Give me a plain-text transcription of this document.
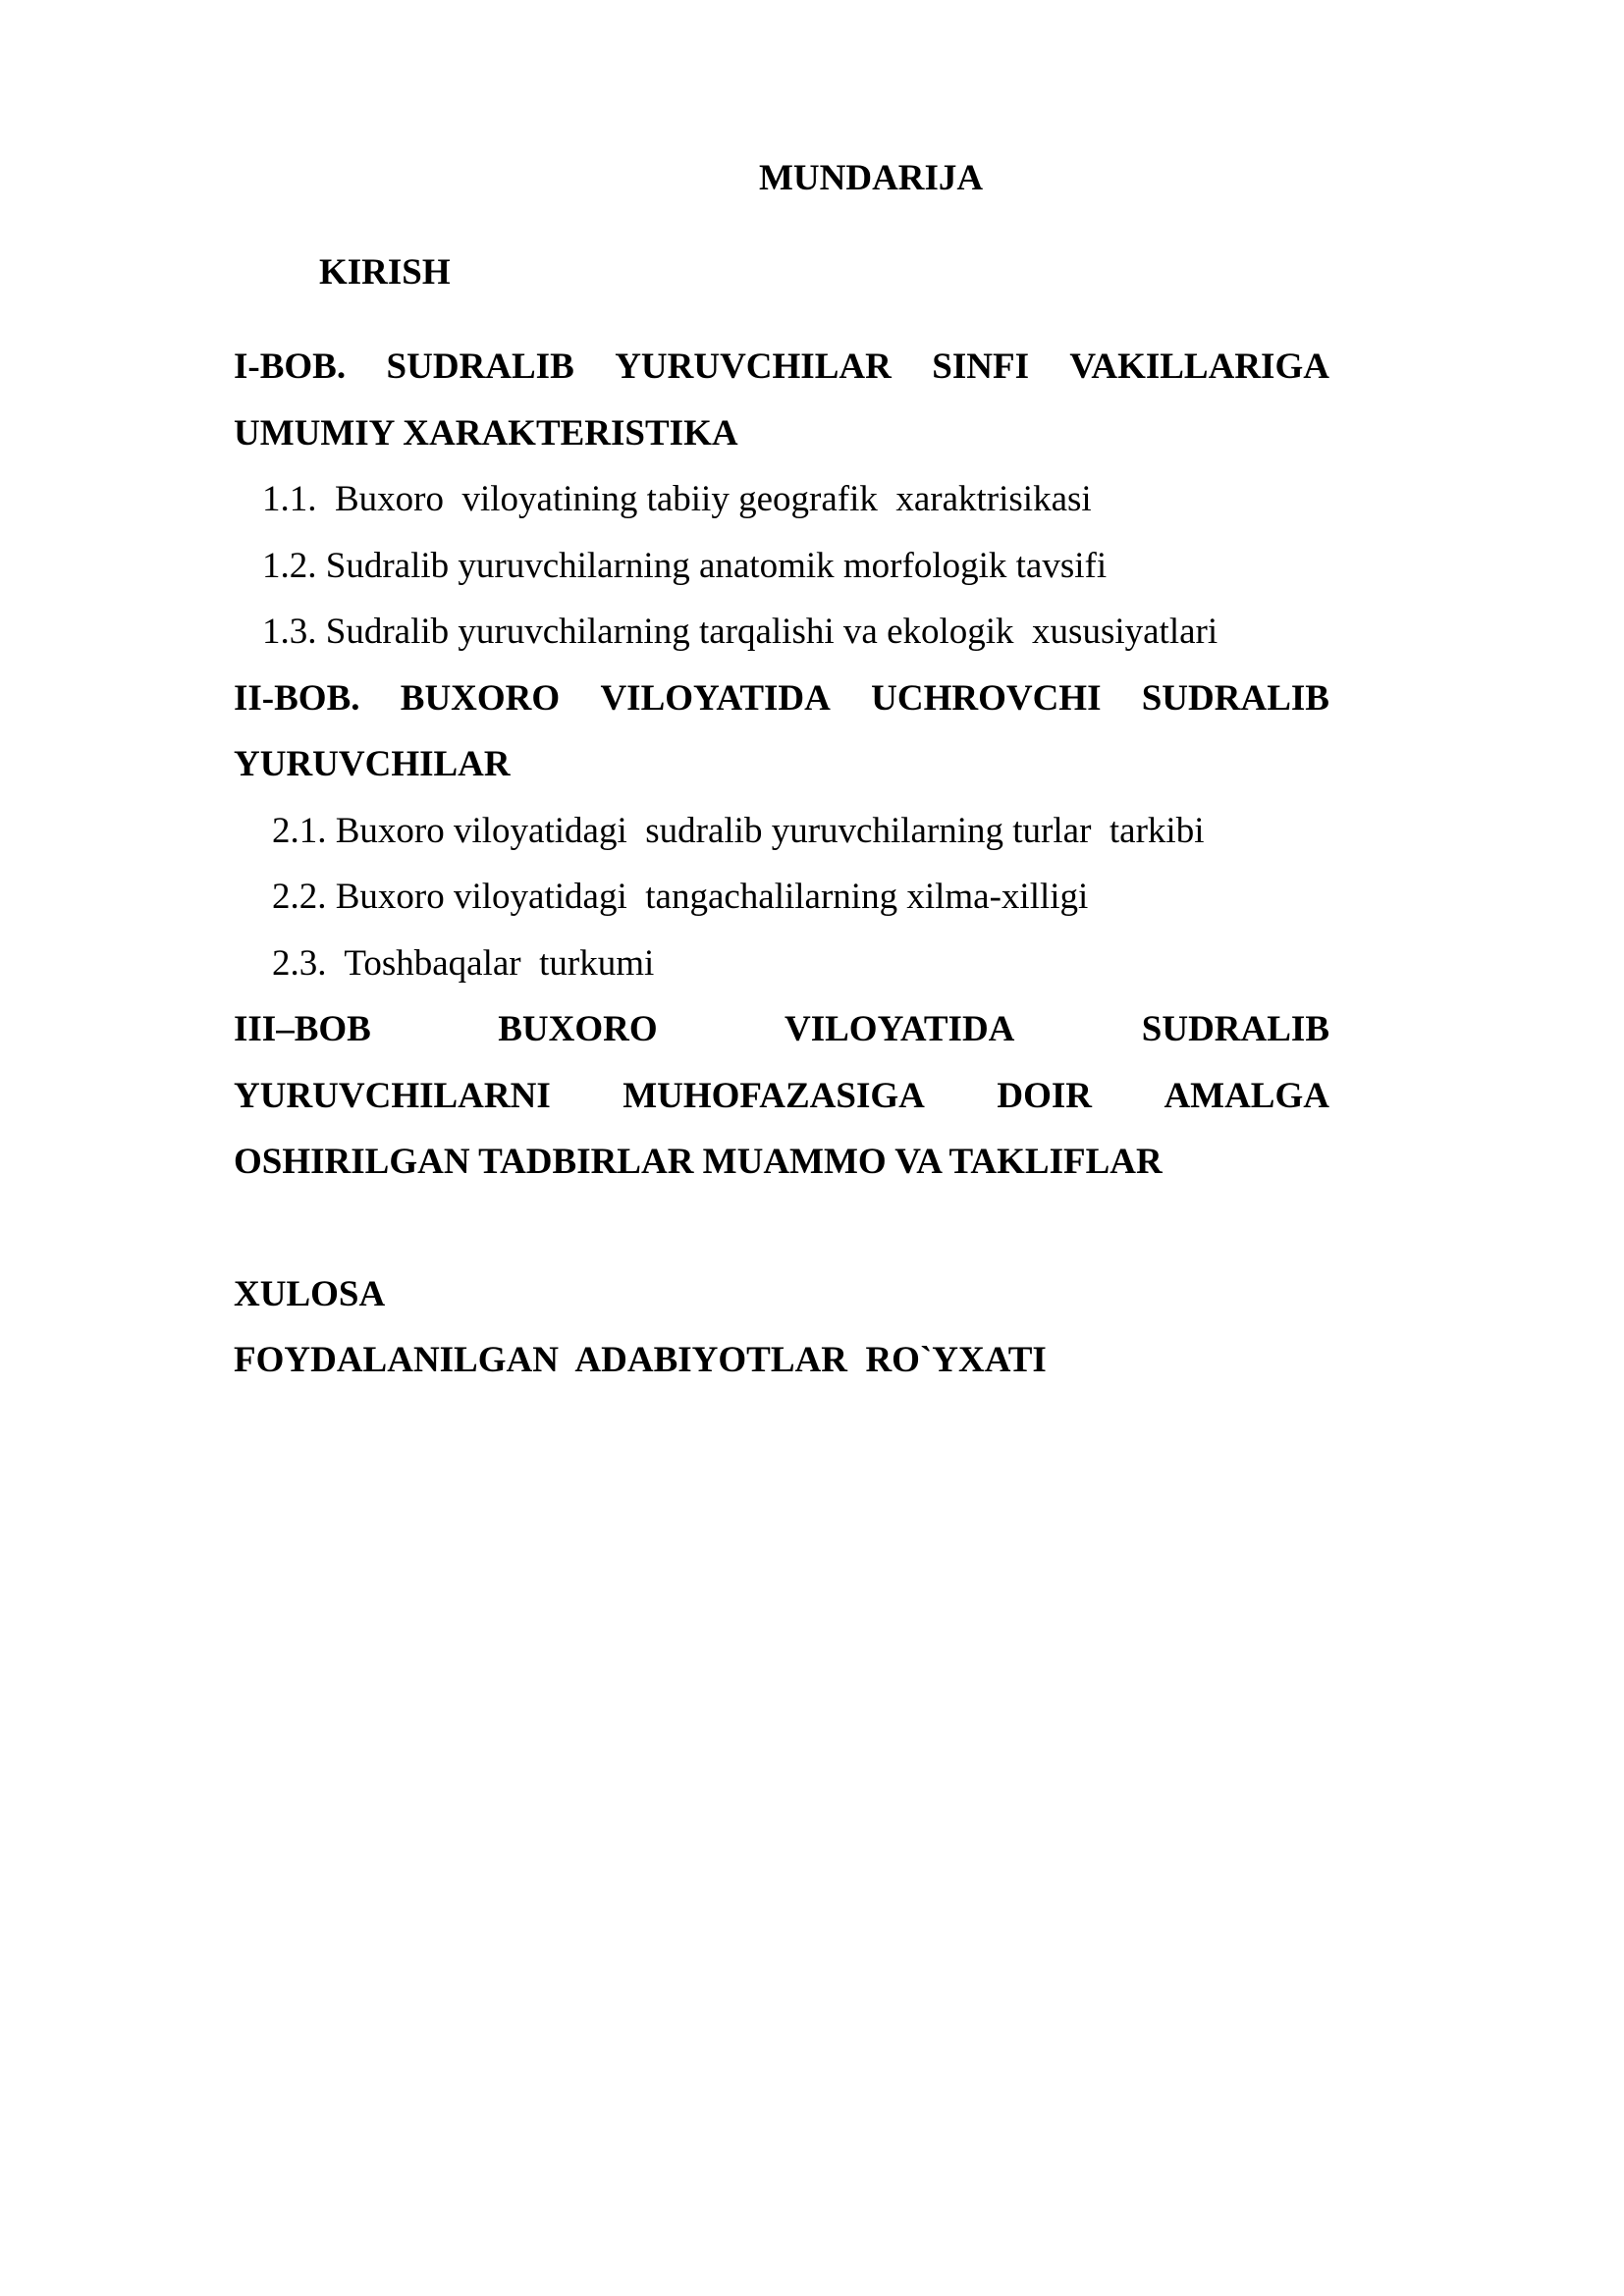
MUNDARIJA
KIRISH
I-BOB. SUDRALIB YURUVCHILAR SINFI VAKILLARIGA
UMUMIY XARAKTERISTIKA
1.1.  Buxoro  viloyatining tabiiy geografik  xaraktrisikasi
1.2. Sudralib yuruvchilarning anatomik morfologik tavsifi
1.3. Sudralib yuruvchilarning tarqalishi va ekologik  xususiyatlari
II-BOB. BUXORO VILOYATIDA UCHROVCHI SUDRALIB
YURUVCHILAR
2.1. Buxoro viloyatidagi  sudralib yuruvchilarning turlar  tarkibi
2.2. Buxoro viloyatidagi  tangachalilarning xilma-xilligi
2.3.  Toshbaqalar  turkumi
III–BOB	BUXORO	VILOYATIDA	SUDRALIB
YURUVCHILARNI MUHOFAZASIGA DOIR AMALGA
OSHIRILGAN TADBIRLAR MUAMMO VA TAKLIFLAR
XULOSA
FOYDALANILGAN  ADABIYOTLAR  RO`YXATI
